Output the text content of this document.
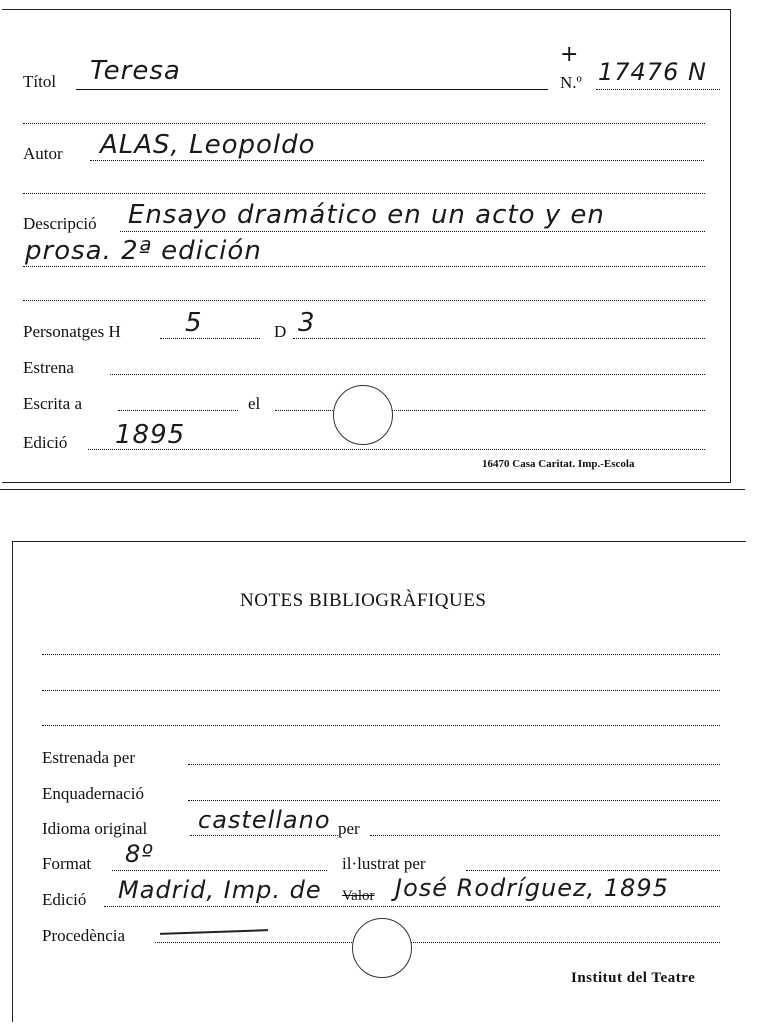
Títol Teresa
+
N.º 17476 N
Autor ALAS, Leopoldo
Descripció Ensayo dramático en un acto y en
prosa. 2ª edición
Personatges H 5	D 3
Estrena
Escrita a	el
Edició 1895
16470 Casa Caritat. Imp.-Escola
NOTES BIBLIOGRÀFIQUES
Estrenada per
Enquadernació
Idioma original castellano per
Format 8º	il·lustrat per
Edició Madrid, Imp. de Valor José Rodríguez, 1895
Procedència
Institut del Teatre
